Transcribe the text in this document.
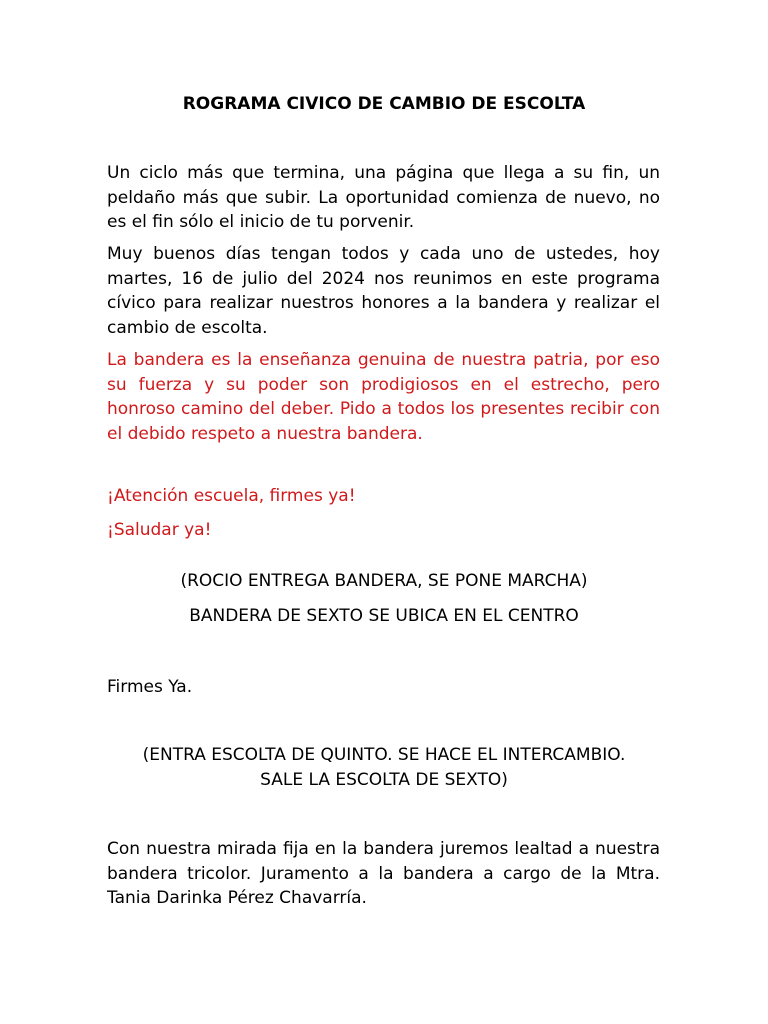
ROGRAMA CIVICO DE CAMBIO DE ESCOLTA

Un ciclo más que termina, una página que llega a su fin, un peldaño más que subir. La oportunidad comienza de nuevo, no es el fin sólo el inicio de tu porvenir.

Muy buenos días tengan todos y cada uno de ustedes, hoy martes, 16 de julio del 2024 nos reunimos en este programa cívico para realizar nuestros honores a la bandera y realizar el cambio de escolta.

La bandera es la enseñanza genuina de nuestra patria, por eso su fuerza y su poder son prodigiosos en el estrecho, pero honroso camino del deber. Pido a todos los presentes recibir con el debido respeto a nuestra bandera.

¡Atención escuela, firmes ya!

¡Saludar ya!

(ROCIO ENTREGA BANDERA, SE PONE MARCHA)

BANDERA DE SEXTO SE UBICA EN EL CENTRO

Firmes Ya.

(ENTRA ESCOLTA DE QUINTO. SE HACE EL INTERCAMBIO.

SALE LA ESCOLTA DE SEXTO)

Con nuestra mirada fija en la bandera juremos lealtad a nuestra bandera tricolor. Juramento a la bandera a cargo de la Mtra. Tania Darinka Pérez Chavarría.
